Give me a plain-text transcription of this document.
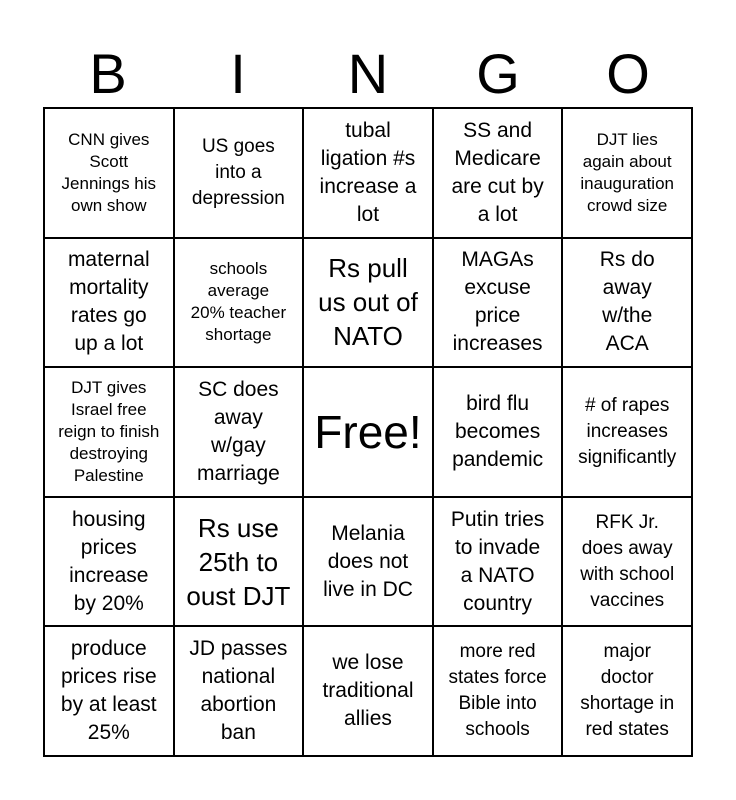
B	I	N	G	O
CNN gives
Scott
Jennings his
own show
US goes
into a
depression
tubal
ligation #s
increase a
lot
SS and
Medicare
are cut by
a lot
DJT lies
again about
inauguration
crowd size
maternal
mortality
rates go
up a lot
schools
average
20% teacher
shortage
Rs pull
us out of
NATO
MAGAs
excuse
price
increases
Rs do
away
w/the
ACA
DJT gives
Israel free
reign to finish
destroying
Palestine
SC does
away
w/gay
marriage
Free!
bird flu
becomes
pandemic
# of rapes
increases
significantly
housing
prices
increase
by 20%
Rs use
25th to
oust DJT
Melania
does not
live in DC
Putin tries
to invade
a NATO
country
RFK Jr.
does away
with school
vaccines
produce
prices rise
by at least
25%
JD passes
national
abortion
ban
we lose
traditional
allies
more red
states force
Bible into
schools
major
doctor
shortage in
red states
